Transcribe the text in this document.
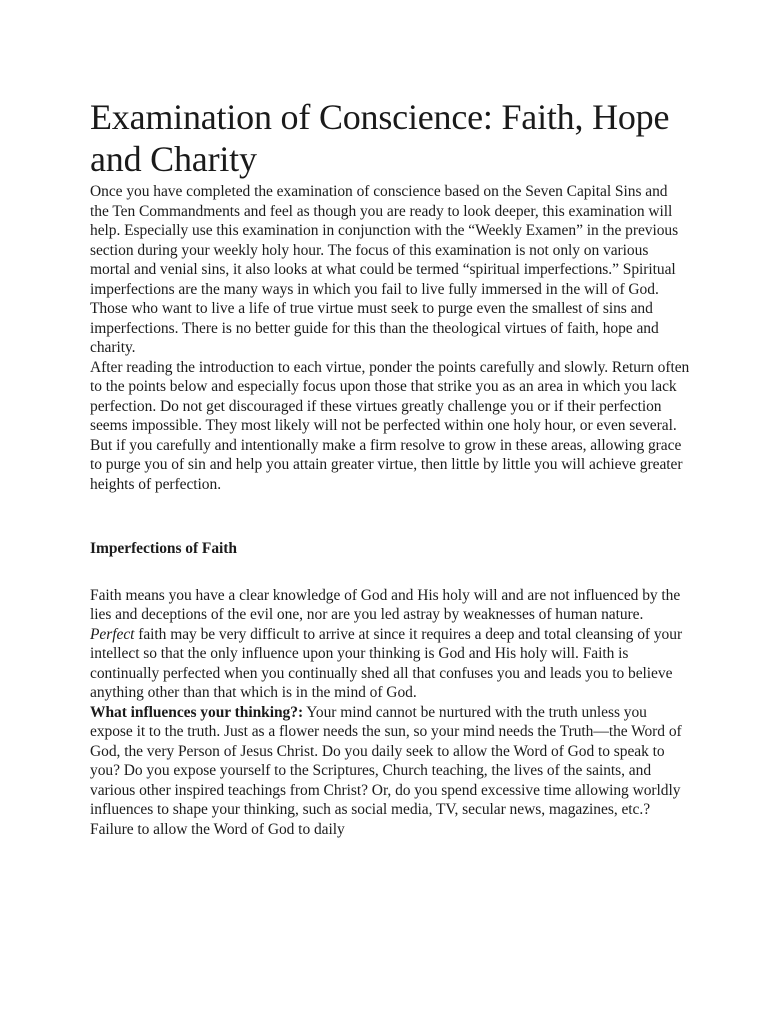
Examination of Conscience: Faith, Hope and Charity

Once you have completed the examination of conscience based on the Seven Capital Sins and the Ten Commandments and feel as though you are ready to look deeper, this examination will help. Especially use this examination in conjunction with the “Weekly Examen” in the previous section during your weekly holy hour. The focus of this examination is not only on various mortal and venial sins, it also looks at what could be termed “spiritual imperfections.” Spiritual imperfections are the many ways in which you fail to live fully immersed in the will of God. Those who want to live a life of true virtue must seek to purge even the smallest of sins and imperfections. There is no better guide for this than the theological virtues of faith, hope and charity.

After reading the introduction to each virtue, ponder the points carefully and slowly. Return often to the points below and especially focus upon those that strike you as an area in which you lack perfection. Do not get discouraged if these virtues greatly challenge you or if their perfection seems impossible. They most likely will not be perfected within one holy hour, or even several. But if you carefully and intentionally make a firm resolve to grow in these areas, allowing grace to purge you of sin and help you attain greater virtue, then little by little you will achieve greater heights of perfection.

Imperfections of Faith

Faith means you have a clear knowledge of God and His holy will and are not influenced by the lies and deceptions of the evil one, nor are you led astray by weaknesses of human nature. Perfect faith may be very difficult to arrive at since it requires a deep and total cleansing of your intellect so that the only influence upon your thinking is God and His holy will. Faith is continually perfected when you continually shed all that confuses you and leads you to believe anything other than that which is in the mind of God.

What influences your thinking?: Your mind cannot be nurtured with the truth unless you expose it to the truth. Just as a flower needs the sun, so your mind needs the Truth—the Word of God, the very Person of Jesus Christ. Do you daily seek to allow the Word of God to speak to you? Do you expose yourself to the Scriptures, Church teaching, the lives of the saints, and various other inspired teachings from Christ? Or, do you spend excessive time allowing worldly influences to shape your thinking, such as social media, TV, secular news, magazines, etc.? Failure to allow the Word of God to daily
